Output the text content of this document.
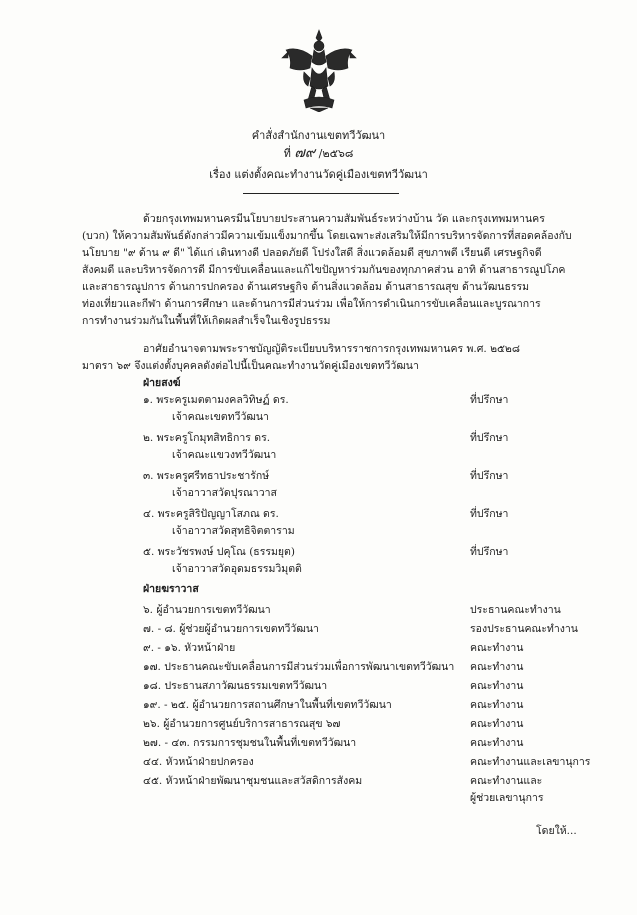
คำสั่งสำนักงานเขตทวีวัฒนา
ที่ ๗๙ /๒๕๖๘
เรื่อง แต่งตั้งคณะทำงานวัดคู่เมืองเขตทวีวัฒนา
ด้วยกรุงเทพมหานครมีนโยบายประสานความสัมพันธ์ระหว่างบ้าน วัด และกรุงเทพมหานคร
(บวก) ให้ความสัมพันธ์ดังกล่าวมีความเข้มแข็งมากขึ้น โดยเฉพาะส่งเสริมให้มีการบริหารจัดการที่สอดคล้องกับ
นโยบาย "๙ ด้าน ๙ ดี" ได้แก่ เดินทางดี ปลอดภัยดี โปร่งใสดี สิ่งแวดล้อมดี สุขภาพดี เรียนดี เศรษฐกิจดี
สังคมดี และบริหารจัดการดี มีการขับเคลื่อนและแก้ไขปัญหาร่วมกันของทุกภาคส่วน อาทิ ด้านสาธารณูปโภค
และสาธารณูปการ ด้านการปกครอง ด้านเศรษฐกิจ ด้านสิ่งแวดล้อม ด้านสาธารณสุข ด้านวัฒนธรรม
ท่องเที่ยวและกีฬา ด้านการศึกษา และด้านการมีส่วนร่วม เพื่อให้การดำเนินการขับเคลื่อนและบูรณาการ
การทำงานร่วมกันในพื้นที่ให้เกิดผลสำเร็จในเชิงรูปธรรม
อาศัยอำนาจตามพระราชบัญญัติระเบียบบริหารราชการกรุงเทพมหานคร พ.ศ. ๒๕๒๘
มาตรา ๖๙ จึงแต่งตั้งบุคคลดังต่อไปนี้เป็นคณะทำงานวัดคู่เมืองเขตทวีวัฒนา
ฝ่ายสงฆ์
๑. พระครูเมตตามงคลวิทิษฏ์ ดร.	ที่ปรึกษา
เจ้าคณะเขตทวีวัฒนา
๒. พระครูโกมุทสิทธิการ ดร.	ที่ปรึกษา
เจ้าคณะแขวงทวีวัฒนา
๓. พระครูศรีทธาประชารักษ์	ที่ปรึกษา
เจ้าอาวาสวัดปุรณาวาส
๔. พระครูสิริปัญญาโสภณ ดร.	ที่ปรึกษา
เจ้าอาวาสวัดสุทธิจิตตาราม
๕. พระวัชรพงษ์ ปคุโณ (ธรรมยุต)	ที่ปรึกษา
เจ้าอาวาสวัดอุดมธรรมวิมุตติ
ฝ่ายฆราวาส
๖. ผู้อำนวยการเขตทวีวัฒนา	ประธานคณะทำงาน
๗. - ๘. ผู้ช่วยผู้อำนวยการเขตทวีวัฒนา	รองประธานคณะทำงาน
๙. - ๑๖. หัวหน้าฝ่าย	คณะทำงาน
๑๗. ประธานคณะขับเคลื่อนการมีส่วนร่วมเพื่อการพัฒนาเขตทวีวัฒนา คณะทำงาน
๑๘. ประธานสภาวัฒนธรรมเขตทวีวัฒนา	คณะทำงาน
๑๙. - ๒๕. ผู้อำนวยการสถานศึกษาในพื้นที่เขตทวีวัฒนา	คณะทำงาน
๒๖. ผู้อำนวยการศูนย์บริการสาธารณสุข ๖๗	คณะทำงาน
๒๗. - ๔๓. กรรมการชุมชนในพื้นที่เขตทวีวัฒนา	คณะทำงาน
๔๔. หัวหน้าฝ่ายปกครอง	คณะทำงานและเลขานุการ
๔๕. หัวหน้าฝ่ายพัฒนาชุมชนและสวัสดิการสังคม	คณะทำงานและ
ผู้ช่วยเลขานุการ
โดยให้...
